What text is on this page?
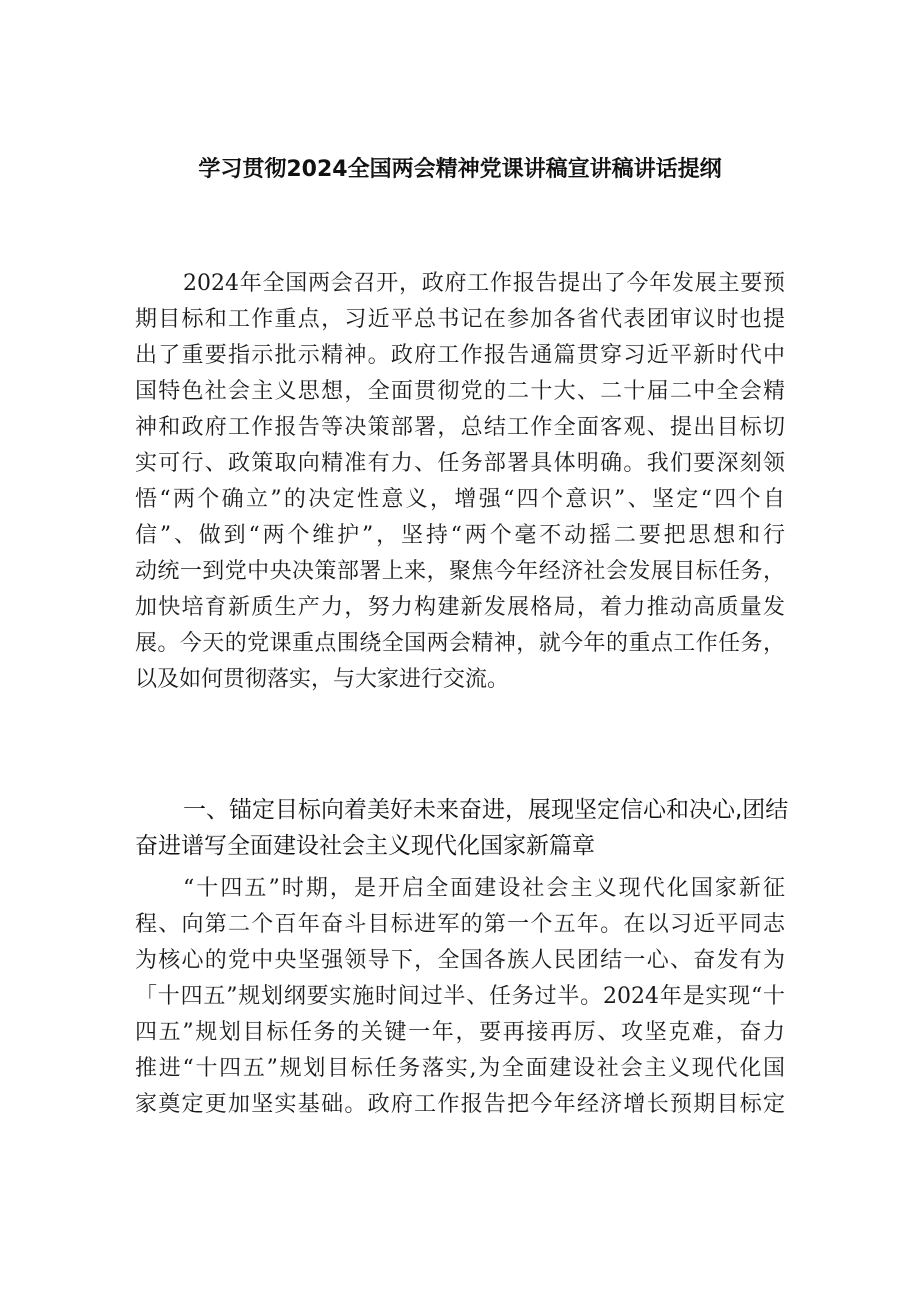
学习贯彻2024全国两会精神党课讲稿宣讲稿讲话提纲
2024年全国两会召开，政府工作报告提出了今年发展主要预
期目标和工作重点，习近平总书记在参加各省代表团审议时也提
出了重要指示批示精神。政府工作报告通篇贯穿习近平新时代中
国特色社会主义思想，全面贯彻党的二十大、二十届二中全会精
神和政府工作报告等决策部署，总结工作全面客观、提出目标切
实可行、政策取向精准有力、任务部署具体明确。我们要深刻领
悟“两个确立”的决定性意义，增强“四个意识”、坚定“四个自
信”、做到“两个维护”，坚持“两个毫不动摇二要把思想和行
动统一到党中央决策部署上来，聚焦今年经济社会发展目标任务，
加快培育新质生产力，努力构建新发展格局，着力推动高质量发
展。今天的党课重点围绕全国两会精神，就今年的重点工作任务，
以及如何贯彻落实，与大家进行交流。
一、锚定目标向着美好未来奋进，展现坚定信心和决心,团结
奋进谱写全面建设社会主义现代化国家新篇章
“十四五”时期，是开启全面建设社会主义现代化国家新征
程、向第二个百年奋斗目标进军的第一个五年。在以习近平同志
为核心的党中央坚强领导下，全国各族人民团结一心、奋发有为
「十四五”规划纲要实施时间过半、任务过半。2024年是实现“十
四五”规划目标任务的关键一年，要再接再厉、攻坚克难，奋力
推进“十四五”规划目标任务落实,为全面建设社会主义现代化国
家奠定更加坚实基础。政府工作报告把今年经济增长预期目标定
